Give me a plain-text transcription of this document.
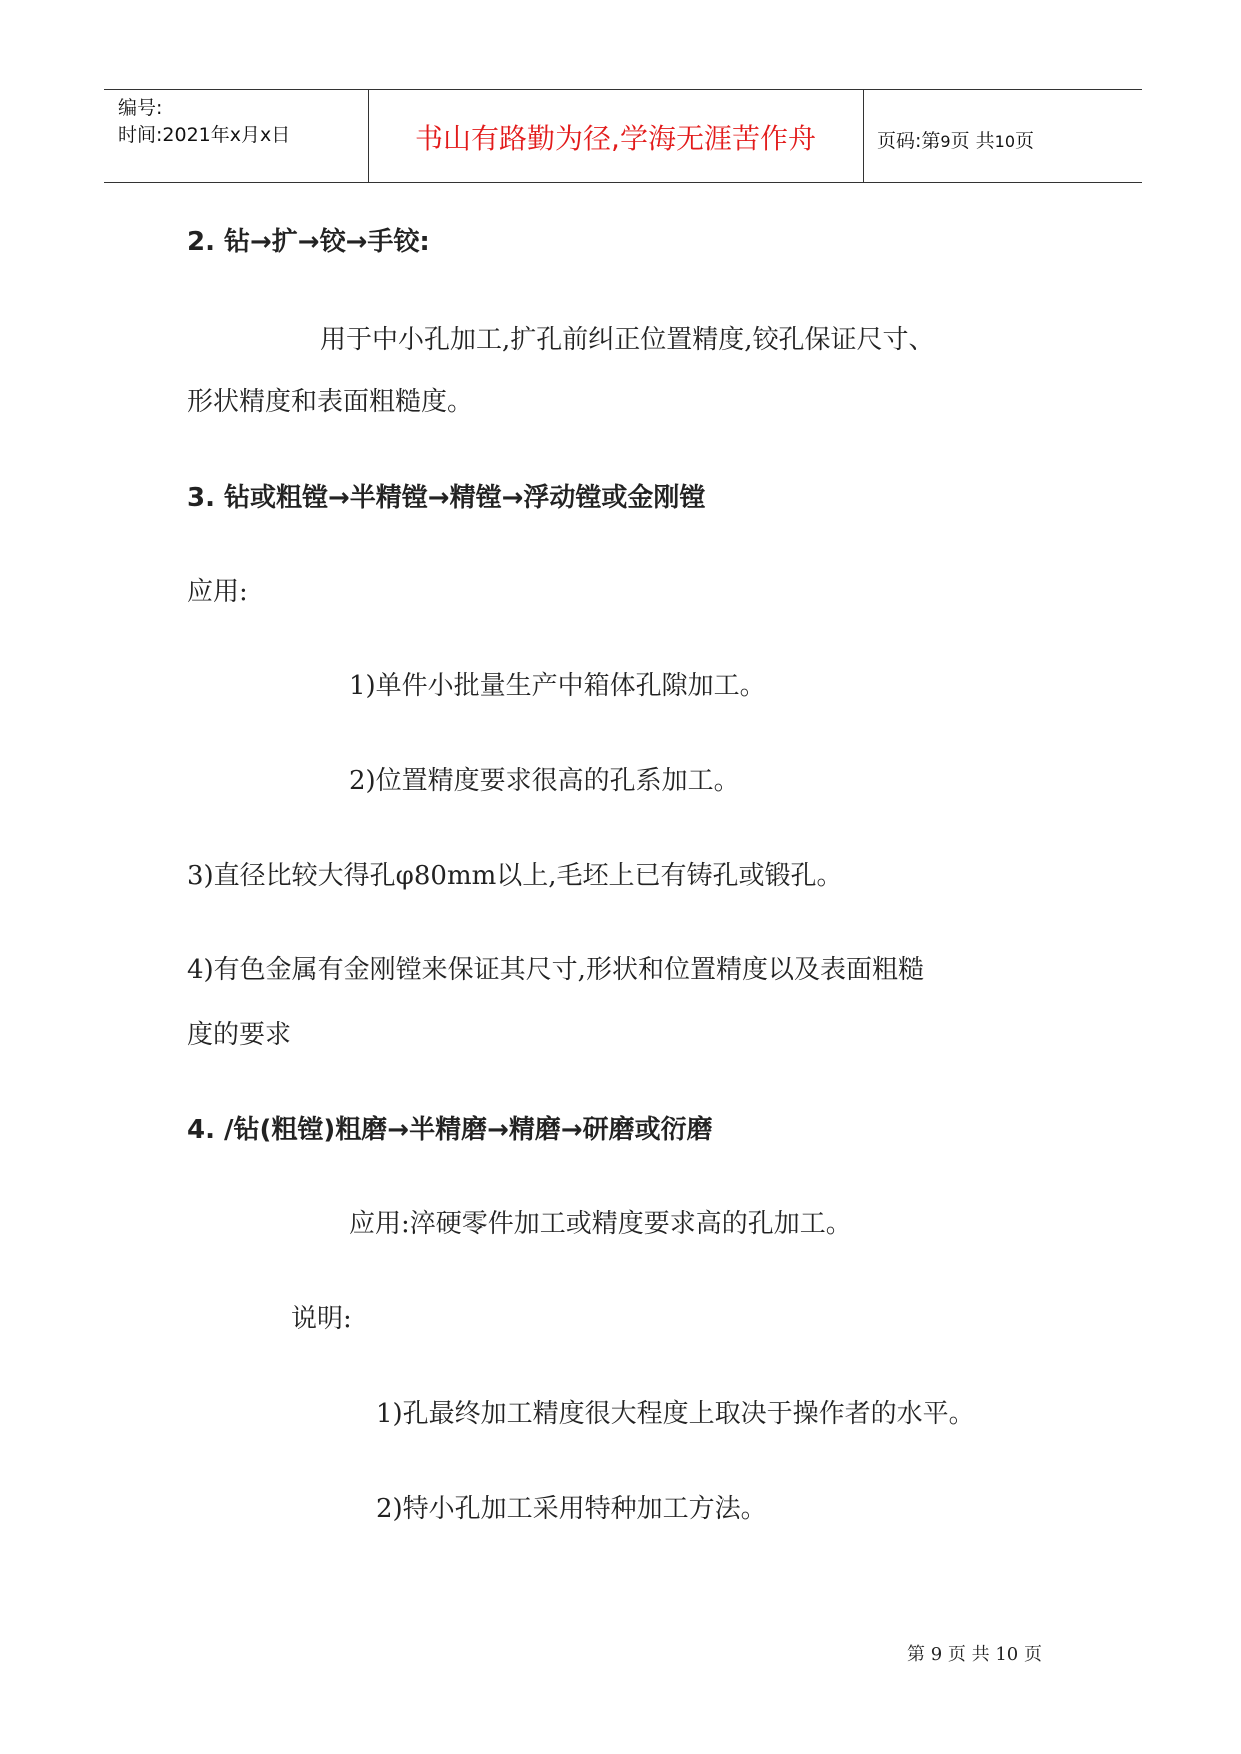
编号:
时间:2021年x月x日	书山有路勤为径,学海无涯苦作舟	页码:第9页 共10页
2. 钻→扩→铰→手铰:
用于中小孔加工,扩孔前纠正位置精度,铰孔保证尺寸、
形状精度和表面粗糙度。
3. 钻或粗镗→半精镗→精镗→浮动镗或金刚镗
应用:
1)单件小批量生产中箱体孔隙加工。
2)位置精度要求很高的孔系加工。
3)直径比较大得孔φ80mm以上,毛坯上已有铸孔或锻孔。
4)有色金属有金刚镗来保证其尺寸,形状和位置精度以及表面粗糙
度的要求
4. /钻(粗镗)粗磨→半精磨→精磨→研磨或衍磨
应用:淬硬零件加工或精度要求高的孔加工。
说明:
1)孔最终加工精度很大程度上取决于操作者的水平。
2)特小孔加工采用特种加工方法。
第 9 页 共 10 页
